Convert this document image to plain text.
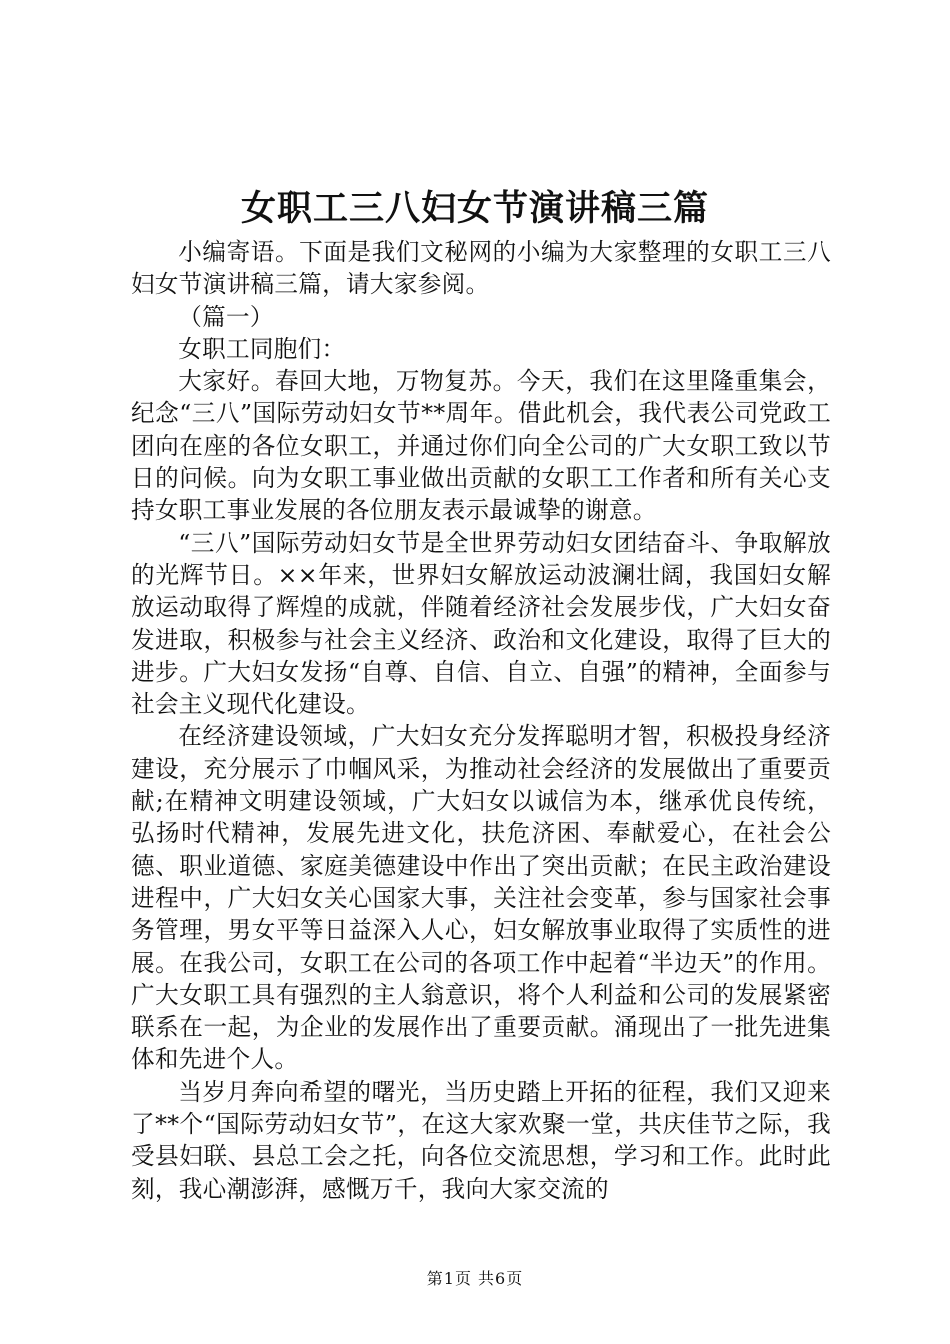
女职工三八妇女节演讲稿三篇

小编寄语。下面是我们文秘网的小编为大家整理的女职工三八妇女节演讲稿三篇，请大家参阅。

（篇一）

女职工同胞们：

大家好。春回大地，万物复苏。今天，我们在这里隆重集会，纪念“三八”国际劳动妇女节**周年。借此机会，我代表公司党政工团向在座的各位女职工，并通过你们向全公司的广大女职工致以节日的问候。向为女职工事业做出贡献的女职工工作者和所有关心支持女职工事业发展的各位朋友表示最诚挚的谢意。

“三八”国际劳动妇女节是全世界劳动妇女团结奋斗、争取解放的光辉节日。××年来，世界妇女解放运动波澜壮阔，我国妇女解放运动取得了辉煌的成就，伴随着经济社会发展步伐，广大妇女奋发进取，积极参与社会主义经济、政治和文化建设，取得了巨大的进步。广大妇女发扬“自尊、自信、自立、自强”的精神，全面参与社会主义现代化建设。

在经济建设领域，广大妇女充分发挥聪明才智，积极投身经济建设，充分展示了巾帼风采，为推动社会经济的发展做出了重要贡献;在精神文明建设领域，广大妇女以诚信为本，继承优良传统，弘扬时代精神，发展先进文化，扶危济困、奉献爱心，在社会公德、职业道德、家庭美德建设中作出了突出贡献；在民主政治建设进程中，广大妇女关心国家大事，关注社会变革，参与国家社会事务管理，男女平等日益深入人心，妇女解放事业取得了实质性的进展。在我公司，女职工在公司的各项工作中起着“半边天”的作用。广大女职工具有强烈的主人翁意识，将个人利益和公司的发展紧密联系在一起，为企业的发展作出了重要贡献。涌现出了一批先进集体和先进个人。

当岁月奔向希望的曙光，当历史踏上开拓的征程，我们又迎来了**个“国际劳动妇女节”，在这大家欢聚一堂，共庆佳节之际，我受县妇联、县总工会之托，向各位交流思想，学习和工作。此时此刻，我心潮澎湃，感慨万千，我向大家交流的

第1页 共6页
